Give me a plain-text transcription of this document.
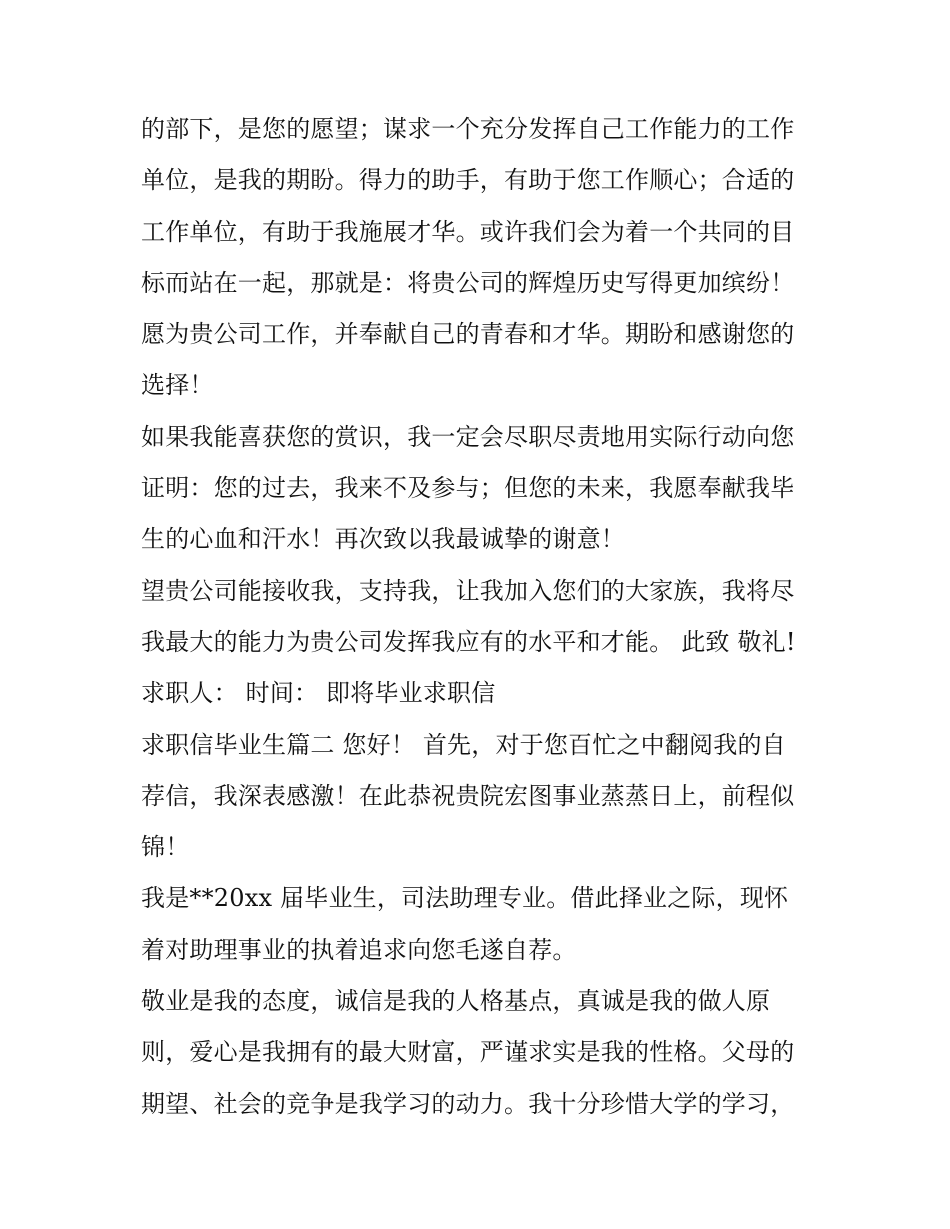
的部下，是您的愿望；谋求一个充分发挥自己工作能力的工作
单位，是我的期盼。得力的助手，有助于您工作顺心；合适的
工作单位，有助于我施展才华。或许我们会为着一个共同的目
标而站在一起，那就是：将贵公司的辉煌历史写得更加缤纷！
愿为贵公司工作，并奉献自己的青春和才华。期盼和感谢您的
选择！
如果我能喜获您的赏识，我一定会尽职尽责地用实际行动向您
证明：您的过去，我来不及参与；但您的未来，我愿奉献我毕
生的心血和汗水！再次致以我最诚挚的谢意！
望贵公司能接收我，支持我，让我加入您们的大家族，我将尽
我最大的能力为贵公司发挥我应有的水平和才能。 此致 敬礼!
求职人： 时间： 即将毕业求职信
求职信毕业生篇二 您好！ 首先，对于您百忙之中翻阅我的自
荐信，我深表感激！在此恭祝贵院宏图事业蒸蒸日上，前程似
锦！
我是**20xx 届毕业生，司法助理专业。借此择业之际，现怀
着对助理事业的执着追求向您毛遂自荐。
敬业是我的态度，诚信是我的人格基点，真诚是我的做人原
则，爱心是我拥有的最大财富，严谨求实是我的性格。父母的
期望、社会的竞争是我学习的动力。我十分珍惜大学的学习，
